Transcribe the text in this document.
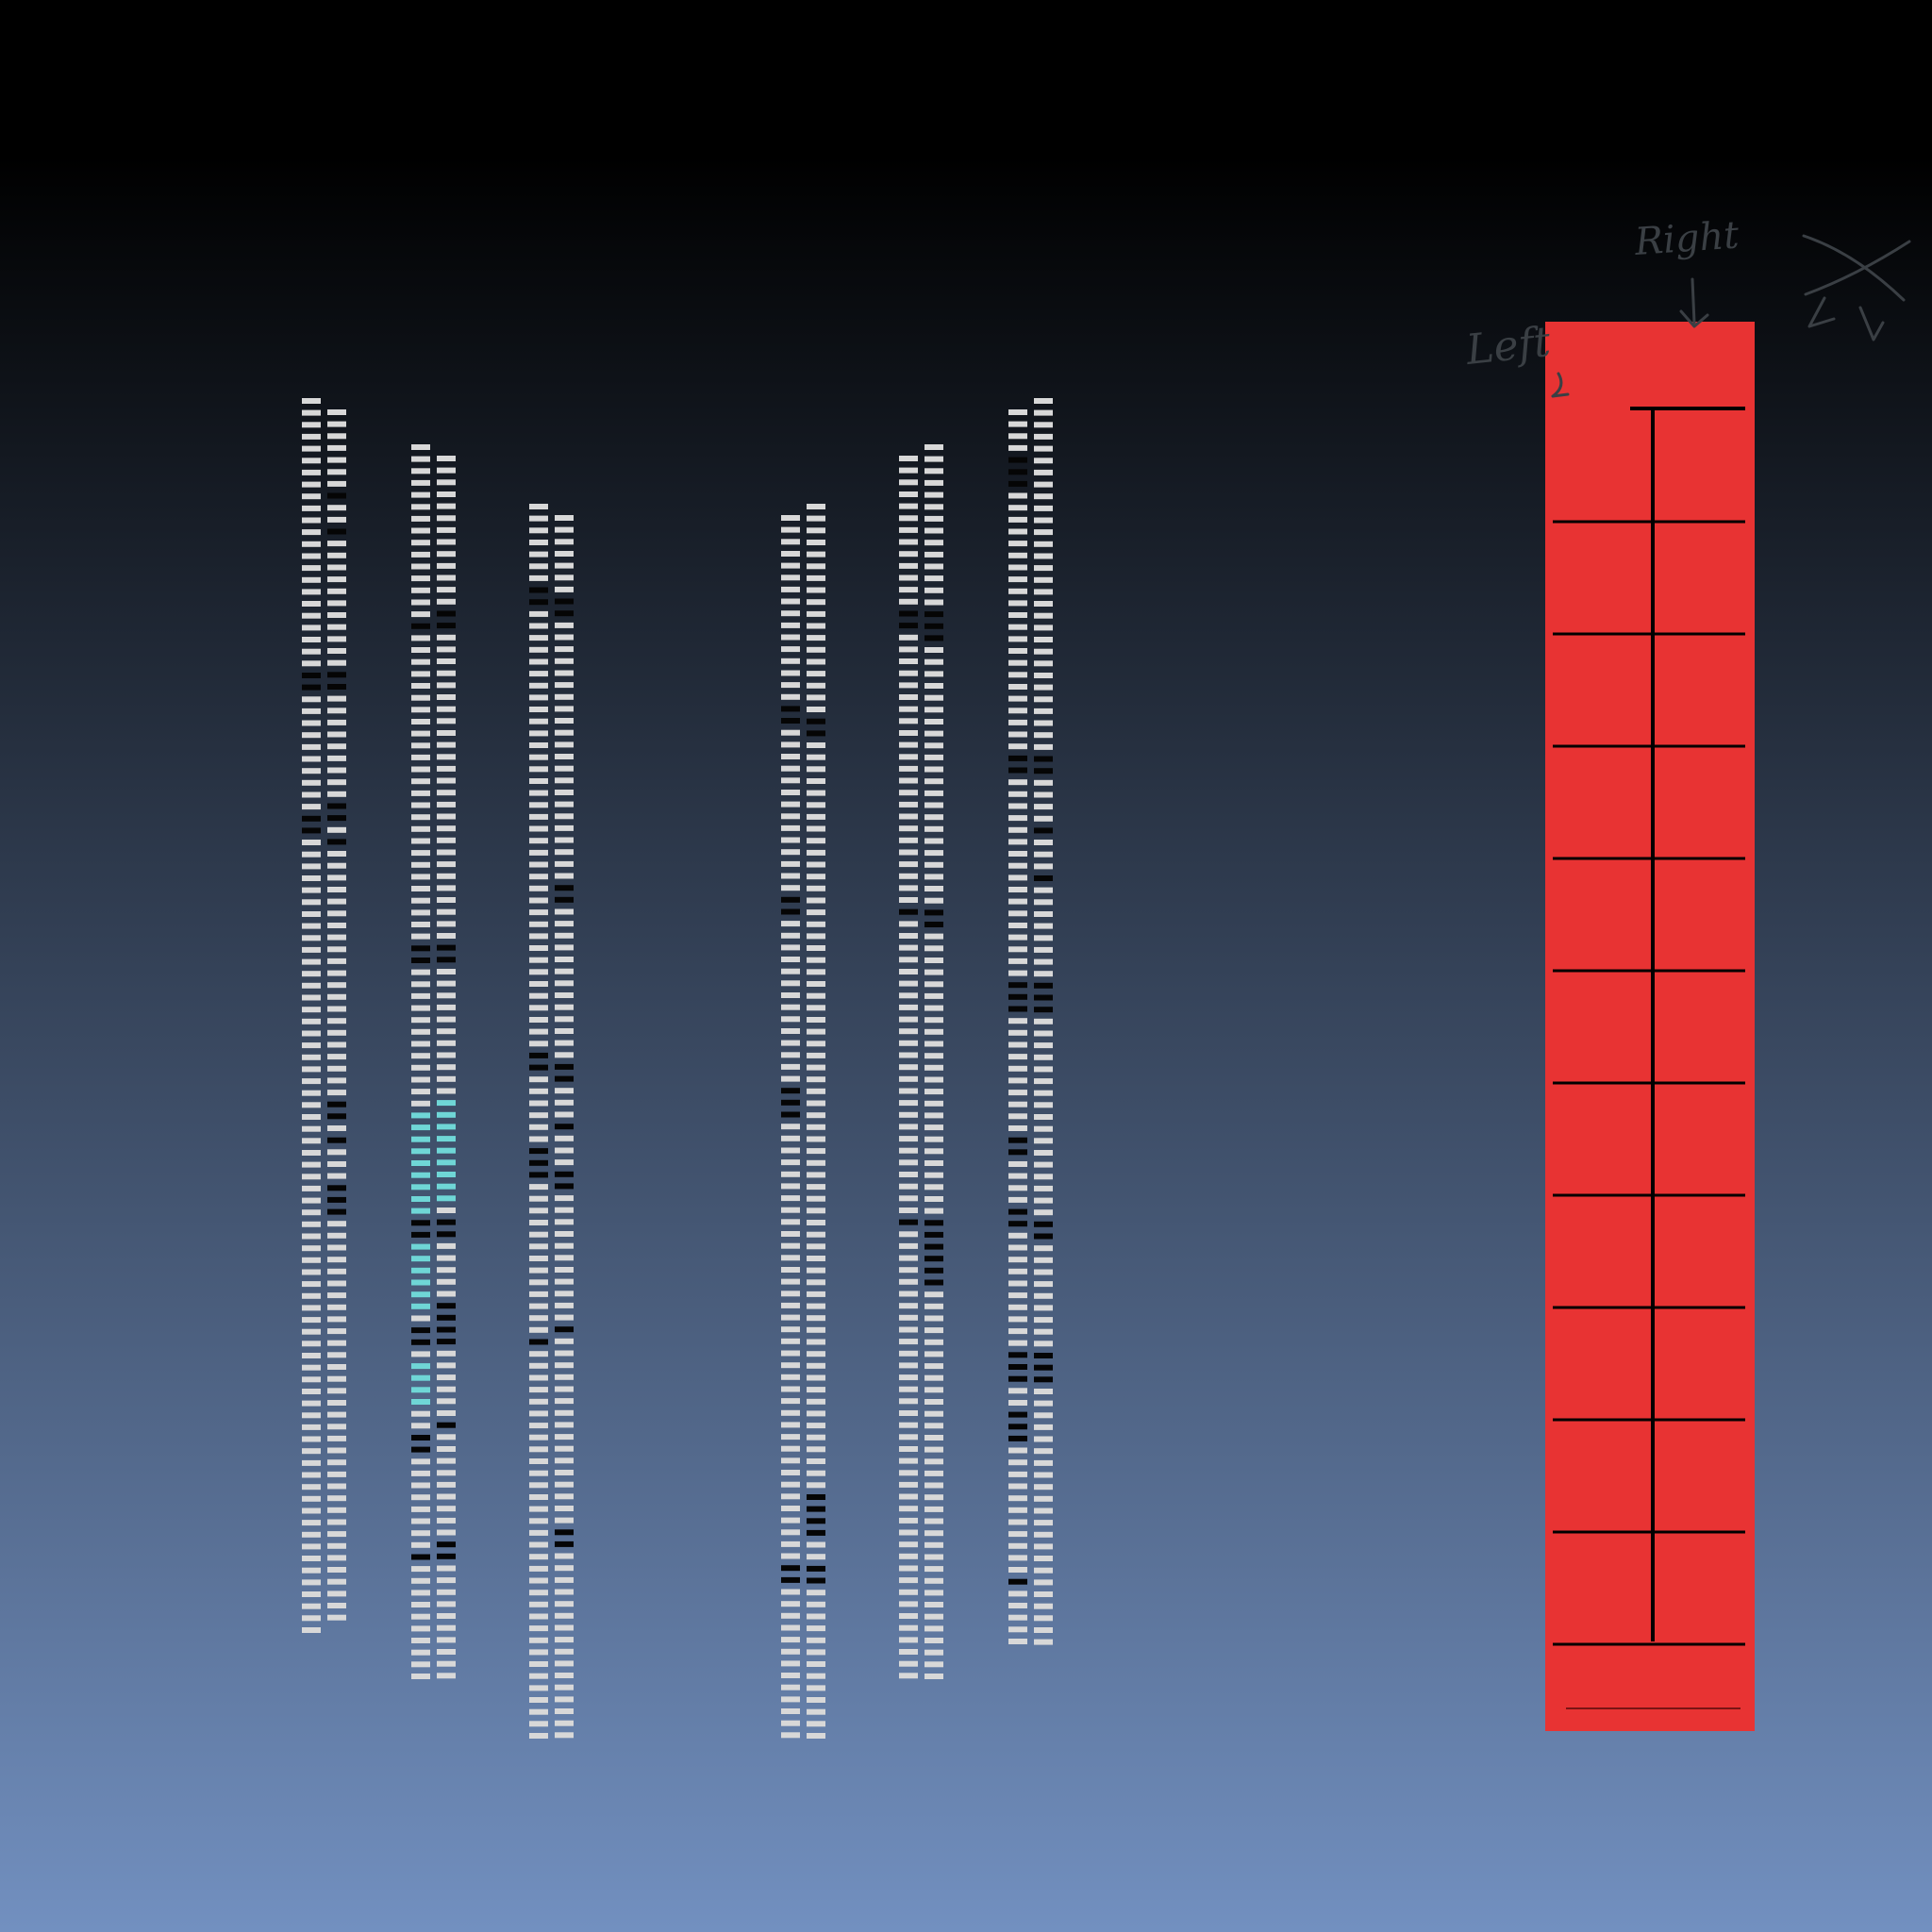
Left
Right
